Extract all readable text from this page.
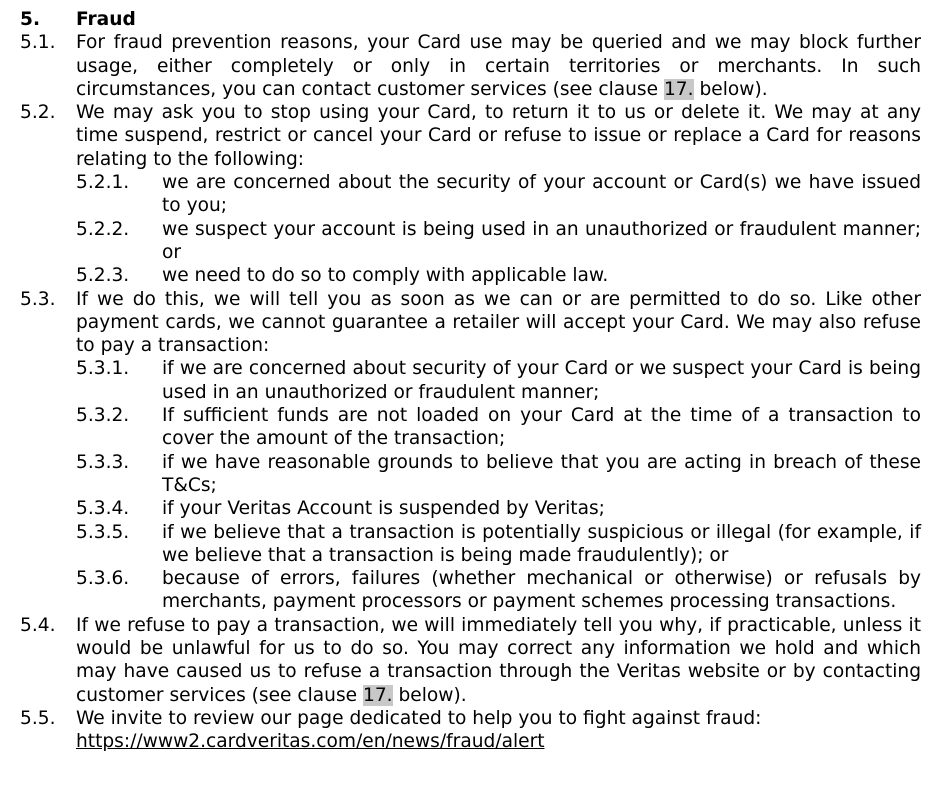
5. Fraud
5.1. For fraud prevention reasons, your Card use may be queried and we may block further usage, either completely or only in certain territories or merchants. In such circumstances, you can contact customer services (see clause 17. below).
5.2. We may ask you to stop using your Card, to return it to us or delete it. We may at any time suspend, restrict or cancel your Card or refuse to issue or replace a Card for reasons relating to the following:
5.2.1. we are concerned about the security of your account or Card(s) we have issued to you;
5.2.2. we suspect your account is being used in an unauthorized or fraudulent manner; or
5.2.3. we need to do so to comply with applicable law.
5.3. If we do this, we will tell you as soon as we can or are permitted to do so. Like other payment cards, we cannot guarantee a retailer will accept your Card. We may also refuse to pay a transaction:
5.3.1. if we are concerned about security of your Card or we suspect your Card is being used in an unauthorized or fraudulent manner;
5.3.2. If sufficient funds are not loaded on your Card at the time of a transaction to cover the amount of the transaction;
5.3.3. if we have reasonable grounds to believe that you are acting in breach of these T&Cs;
5.3.4. if your Veritas Account is suspended by Veritas;
5.3.5. if we believe that a transaction is potentially suspicious or illegal (for example, if we believe that a transaction is being made fraudulently); or
5.3.6. because of errors, failures (whether mechanical or otherwise) or refusals by merchants, payment processors or payment schemes processing transactions.
5.4. If we refuse to pay a transaction, we will immediately tell you why, if practicable, unless it would be unlawful for us to do so. You may correct any information we hold and which may have caused us to refuse a transaction through the Veritas website or by contacting customer services (see clause 17. below).
5.5. We invite to review our page dedicated to help you to fight against fraud:
https://www2.cardveritas.com/en/news/fraud/alert
